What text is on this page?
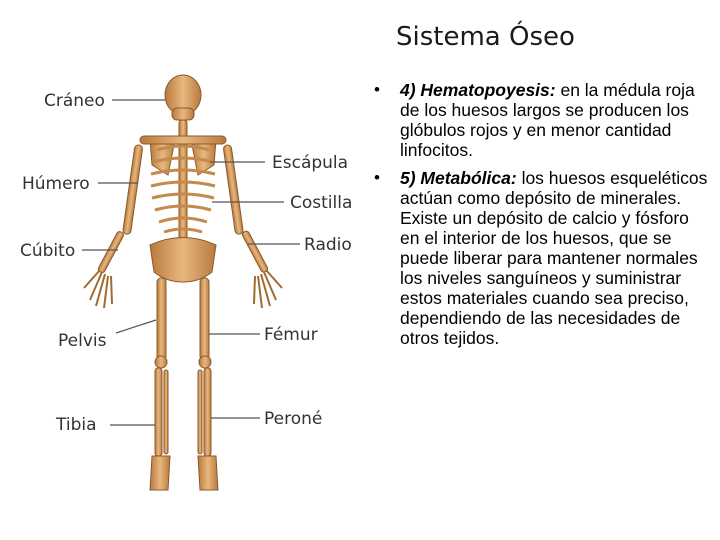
Sistema Óseo
Cráneo
Escápula
Húmero
Costilla
Cúbito	Radio
Pelvis	Fémur
Tibia	Peroné
• 4) Hematopoyesis: en la médula roja de los huesos largos se producen los glóbulos rojos y en menor cantidad linfocitos.
• 5) Metabólica: los huesos esqueléticos actúan como depósito de minerales. Existe un depósito de calcio y fósforo en el interior de los huesos, que se puede liberar para mantener normales los niveles sanguíneos y suministrar estos materiales cuando sea preciso, dependiendo de las necesidades de otros tejidos.
